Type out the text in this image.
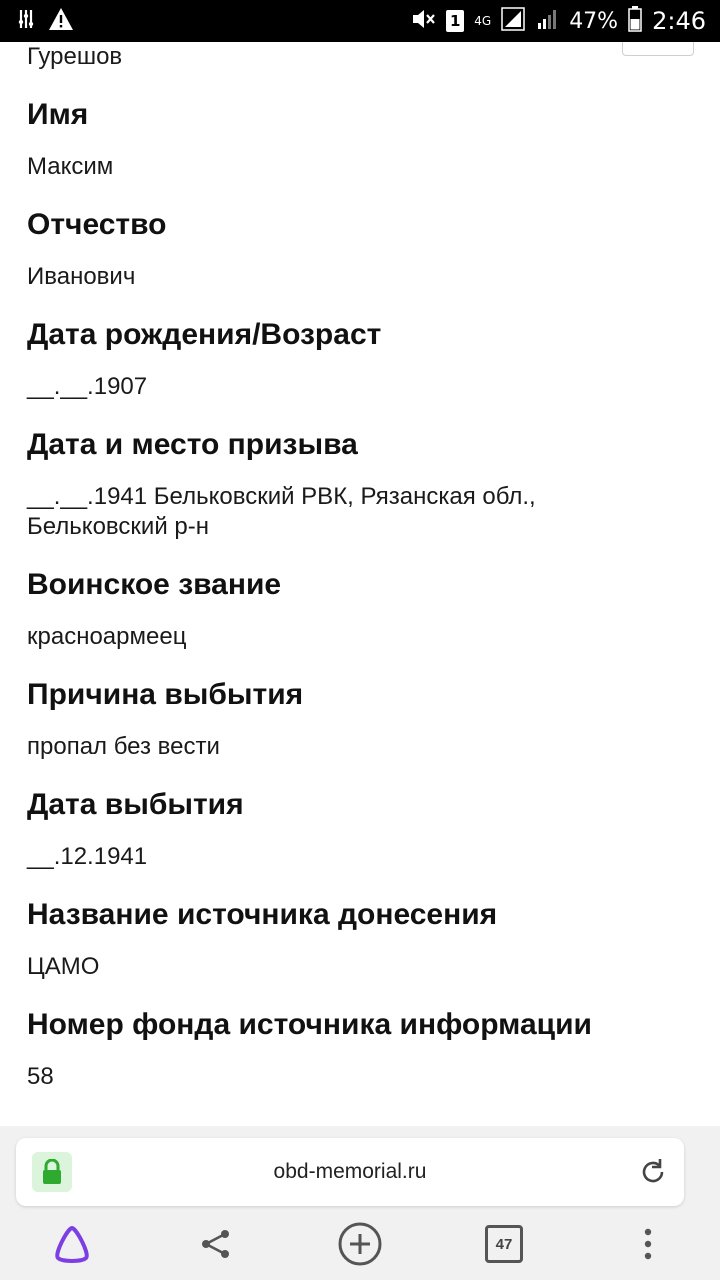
1	4G	47% 2:46
Гурешов
Имя
Максим
Отчество
Иванович
Дата рождения/Возраст
__.__.1907
Дата и место призыва
__.__.1941 Бельковский РВК, Рязанская обл., Бельковский р-н
Воинское звание
красноармеец
Причина выбытия
пропал без вести
Дата выбытия
__.12.1941
Название источника донесения
ЦАМО
Номер фонда источника информации
58
obd-memorial.ru
47
